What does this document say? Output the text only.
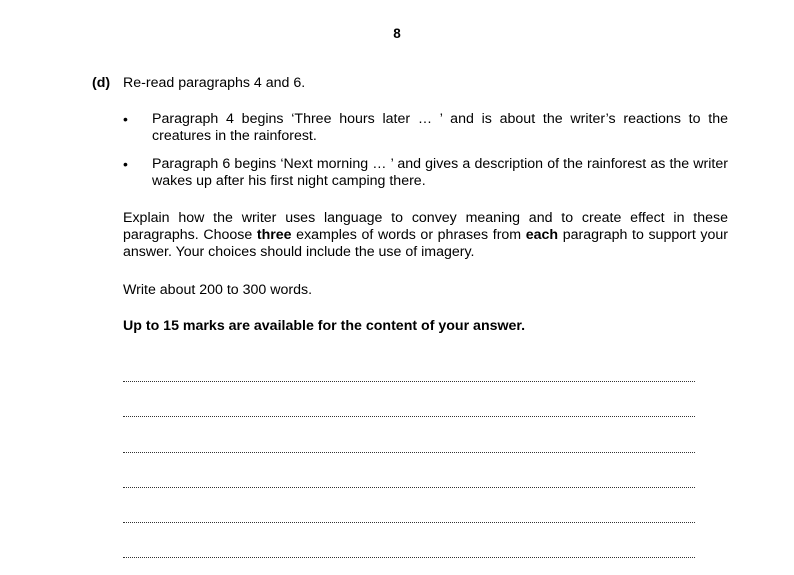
8
(d) Re-read paragraphs 4 and 6.
• Paragraph 4 begins ‘Three hours later … ’ and is about the writer’s reactions to the creatures in the rainforest.
• Paragraph 6 begins ‘Next morning … ’ and gives a description of the rainforest as the writer wakes up after his first night camping there.
Explain how the writer uses language to convey meaning and to create effect in these paragraphs. Choose three examples of words or phrases from each paragraph to support your answer. Your choices should include the use of imagery.
Write about 200 to 300 words.
Up to 15 marks are available for the content of your answer.
